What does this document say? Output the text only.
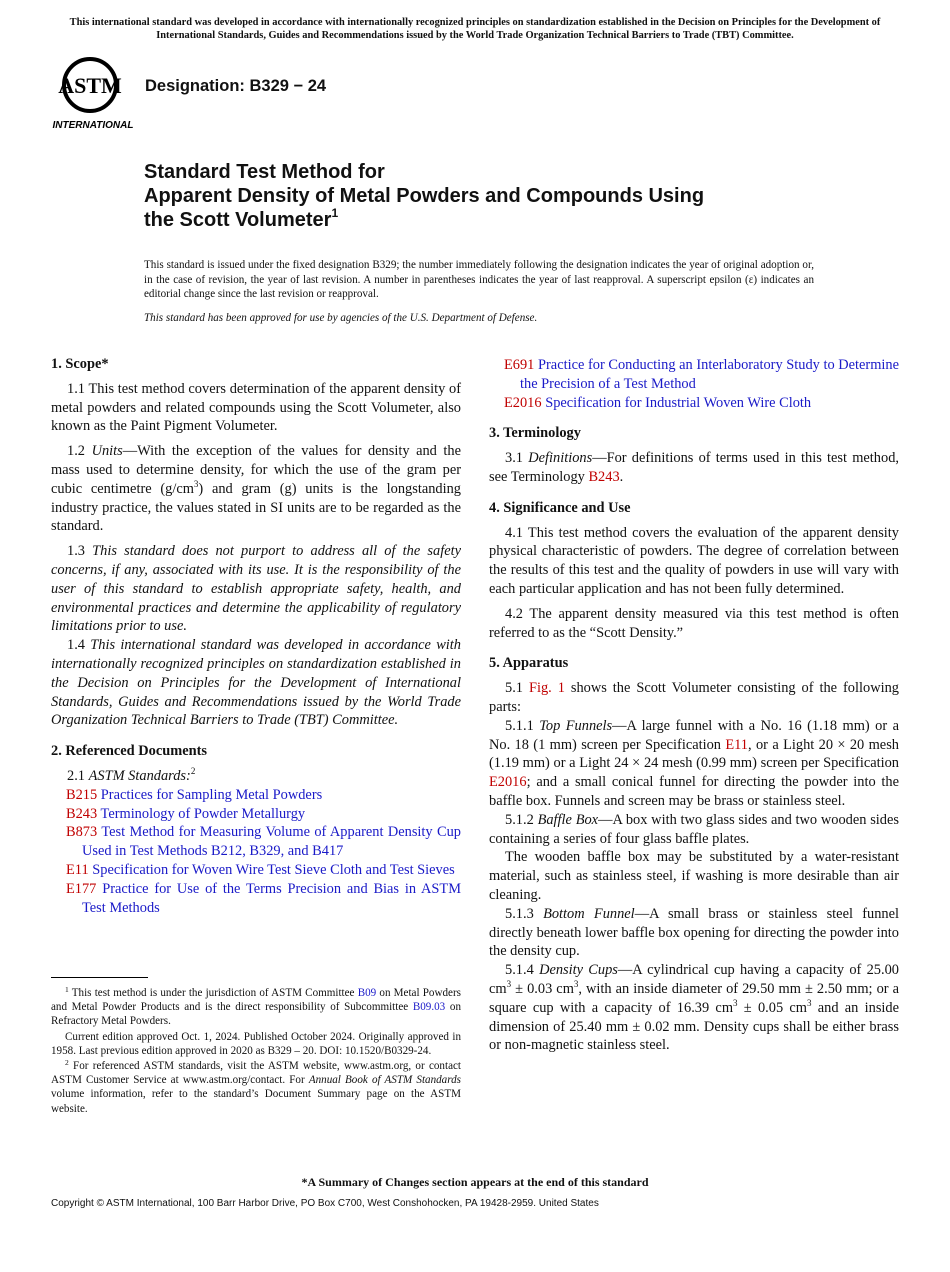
This international standard was developed in accordance with internationally recognized principles on standardization established in the Decision on Principles for the Development of International Standards, Guides and Recommendations issued by the World Trade Organization Technical Barriers to Trade (TBT) Committee.
ASTM
INTERNATIONAL
Designation: B329 − 24
Standard Test Method for
Apparent Density of Metal Powders and Compounds Using
the Scott Volumeter$^1$
This standard is issued under the fixed designation B329; the number immediately following the designation indicates the year of original adoption or, in the case of revision, the year of last revision. A number in parentheses indicates the year of last reapproval. A superscript epsilon (ε) indicates an editorial change since the last revision or reapproval.
This standard has been approved for use by agencies of the U.S. Department of Defense.
1. Scope*

1.1 This test method covers determination of the apparent density of metal powders and related compounds using the Scott Volumeter, also known as the Paint Pigment Volumeter.

1.2 Units—With the exception of the values for density and the mass used to determine density, for which the use of the gram per cubic centimetre $(g/cm^3)$ and gram (g) units is the longstanding industry practice, the values stated in SI units are to be regarded as the standard.

1.3 This standard does not purport to address all of the safety concerns, if any, associated with its use. It is the responsibility of the user of this standard to establish appropriate safety, health, and environmental practices and determine the applicability of regulatory limitations prior to use.

1.4 This international standard was developed in accordance with internationally recognized principles on standardization established in the Decision on Principles for the Development of International Standards, Guides and Recommendations issued by the World Trade Organization Technical Barriers to Trade (TBT) Committee.

2. Referenced Documents

2.1 ASTM Standards:$^2$

B215 Practices for Sampling Metal Powders
B243 Terminology of Powder Metallurgy
B873 Test Method for Measuring Volume of Apparent Density Cup Used in Test Methods B212, B329, and B417
E11 Specification for Woven Wire Test Sieve Cloth and Test Sieves
E177 Practice for Use of the Terms Precision and Bias in ASTM Test Methods

$^1$ This test method is under the jurisdiction of ASTM Committee B09 on Metal Powders and Metal Powder Products and is the direct responsibility of Subcommittee B09.03 on Refractory Metal Powders.

Current edition approved Oct. 1, 2024. Published October 2024. Originally approved in 1958. Last previous edition approved in 2020 as B329 – 20. DOI: 10.1520/B0329-24.

$^2$ For referenced ASTM standards, visit the ASTM website, www.astm.org, or contact ASTM Customer Service at www.astm.org/contact. For Annual Book of ASTM Standards volume information, refer to the standard’s Document Summary page on the ASTM website.

E691 Practice for Conducting an Interlaboratory Study to Determine the Precision of a Test Method
E2016 Specification for Industrial Woven Wire Cloth
3. Terminology

3.1 Definitions—For definitions of terms used in this test method, see Terminology B243.

4. Significance and Use

4.1 This test method covers the evaluation of the apparent density physical characteristic of powders. The degree of correlation between the results of this test and the quality of powders in use will vary with each particular application and has not been fully determined.

4.2 The apparent density measured via this test method is often referred to as the “Scott Density.”

5. Apparatus

5.1 Fig. 1 shows the Scott Volumeter consisting of the following parts:

5.1.1 Top Funnels—A large funnel with a No. 16 (1.18 mm) or a No. 18 (1 mm) screen per Specification E11, or a Light 20 × 20 mesh (1.19 mm) or a Light 24 × 24 mesh (0.99 mm) screen per Specification E2016; and a small conical funnel for directing the powder into the baffle box. Funnels and screen may be brass or stainless steel.

5.1.2 Baffle Box—A box with two glass sides and two wooden sides containing a series of four glass baffle plates.

The wooden baffle box may be substituted by a water-resistant material, such as stainless steel, if washing is more desirable than air cleaning.

5.1.3 Bottom Funnel—A small brass or stainless steel funnel directly beneath lower baffle box opening for directing the powder into the density cup.

5.1.4 Density Cups—A cylindrical cup having a capacity of 25.00 $cm^3 \pm 0.03$ $cm^3$, with an inside diameter of 29.50 mm ± 2.50 mm; or a square cup with a capacity of 16.39 $cm^3 \pm 0.05$ $cm^3$ and an inside dimension of 25.40 mm ± 0.02 mm. Density cups shall be either brass or non-magnetic stainless steel.

*A Summary of Changes section appears at the end of this standard
Copyright © ASTM International, 100 Barr Harbor Drive, PO Box C700, West Conshohocken, PA 19428-2959. United States
